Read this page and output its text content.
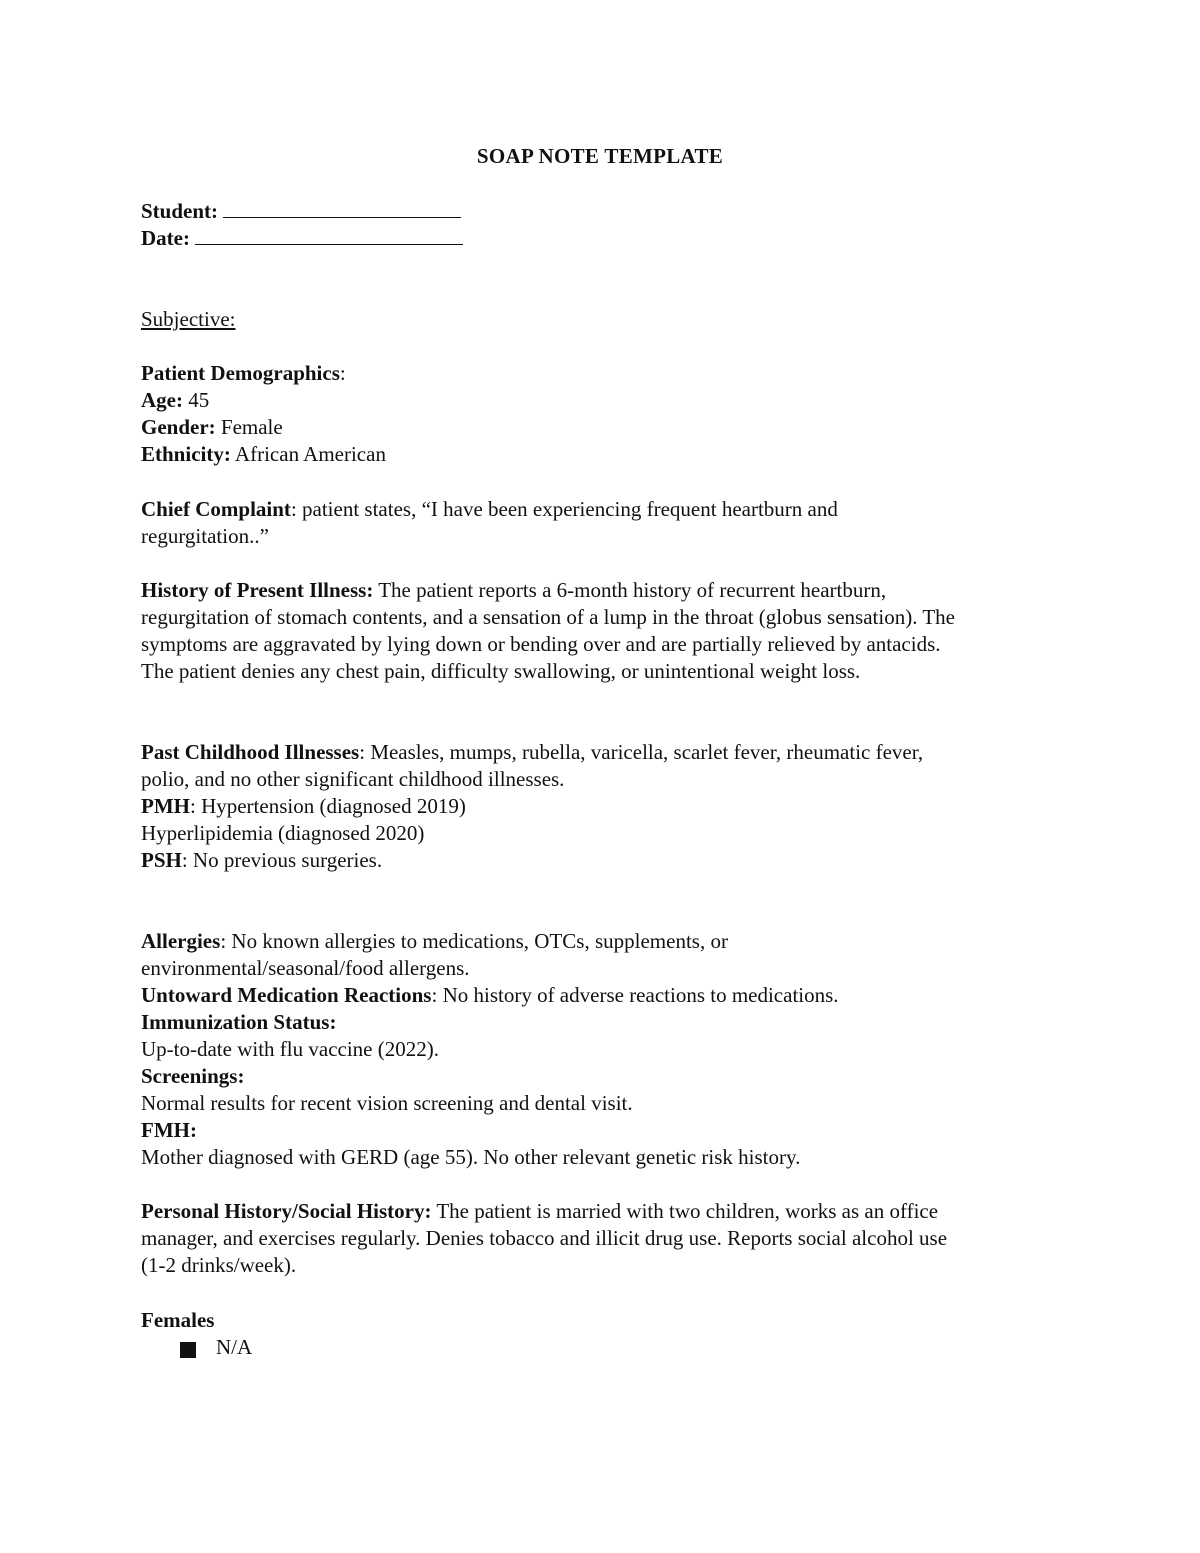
SOAP NOTE TEMPLATE
Student:
Date:
Subjective:
Patient Demographics:
Age: 45
Gender: Female
Ethnicity: African American
Chief Complaint: patient states, “I have been experiencing frequent heartburn and
regurgitation..”
History of Present Illness: The patient reports a 6-month history of recurrent heartburn,
regurgitation of stomach contents, and a sensation of a lump in the throat (globus sensation). The
symptoms are aggravated by lying down or bending over and are partially relieved by antacids.
The patient denies any chest pain, difficulty swallowing, or unintentional weight loss.
Past Childhood Illnesses: Measles, mumps, rubella, varicella, scarlet fever, rheumatic fever,
polio, and no other significant childhood illnesses.
PMH: Hypertension (diagnosed 2019)
Hyperlipidemia (diagnosed 2020)
PSH: No previous surgeries.
Allergies: No known allergies to medications, OTCs, supplements, or
environmental/seasonal/food allergens.
Untoward Medication Reactions: No history of adverse reactions to medications.
Immunization Status:
Up-to-date with flu vaccine (2022).
Screenings:
Normal results for recent vision screening and dental visit.
FMH:
Mother diagnosed with GERD (age 55). No other relevant genetic risk history.
Personal History/Social History: The patient is married with two children, works as an office
manager, and exercises regularly. Denies tobacco and illicit drug use. Reports social alcohol use
(1-2 drinks/week).
Females
N/A
